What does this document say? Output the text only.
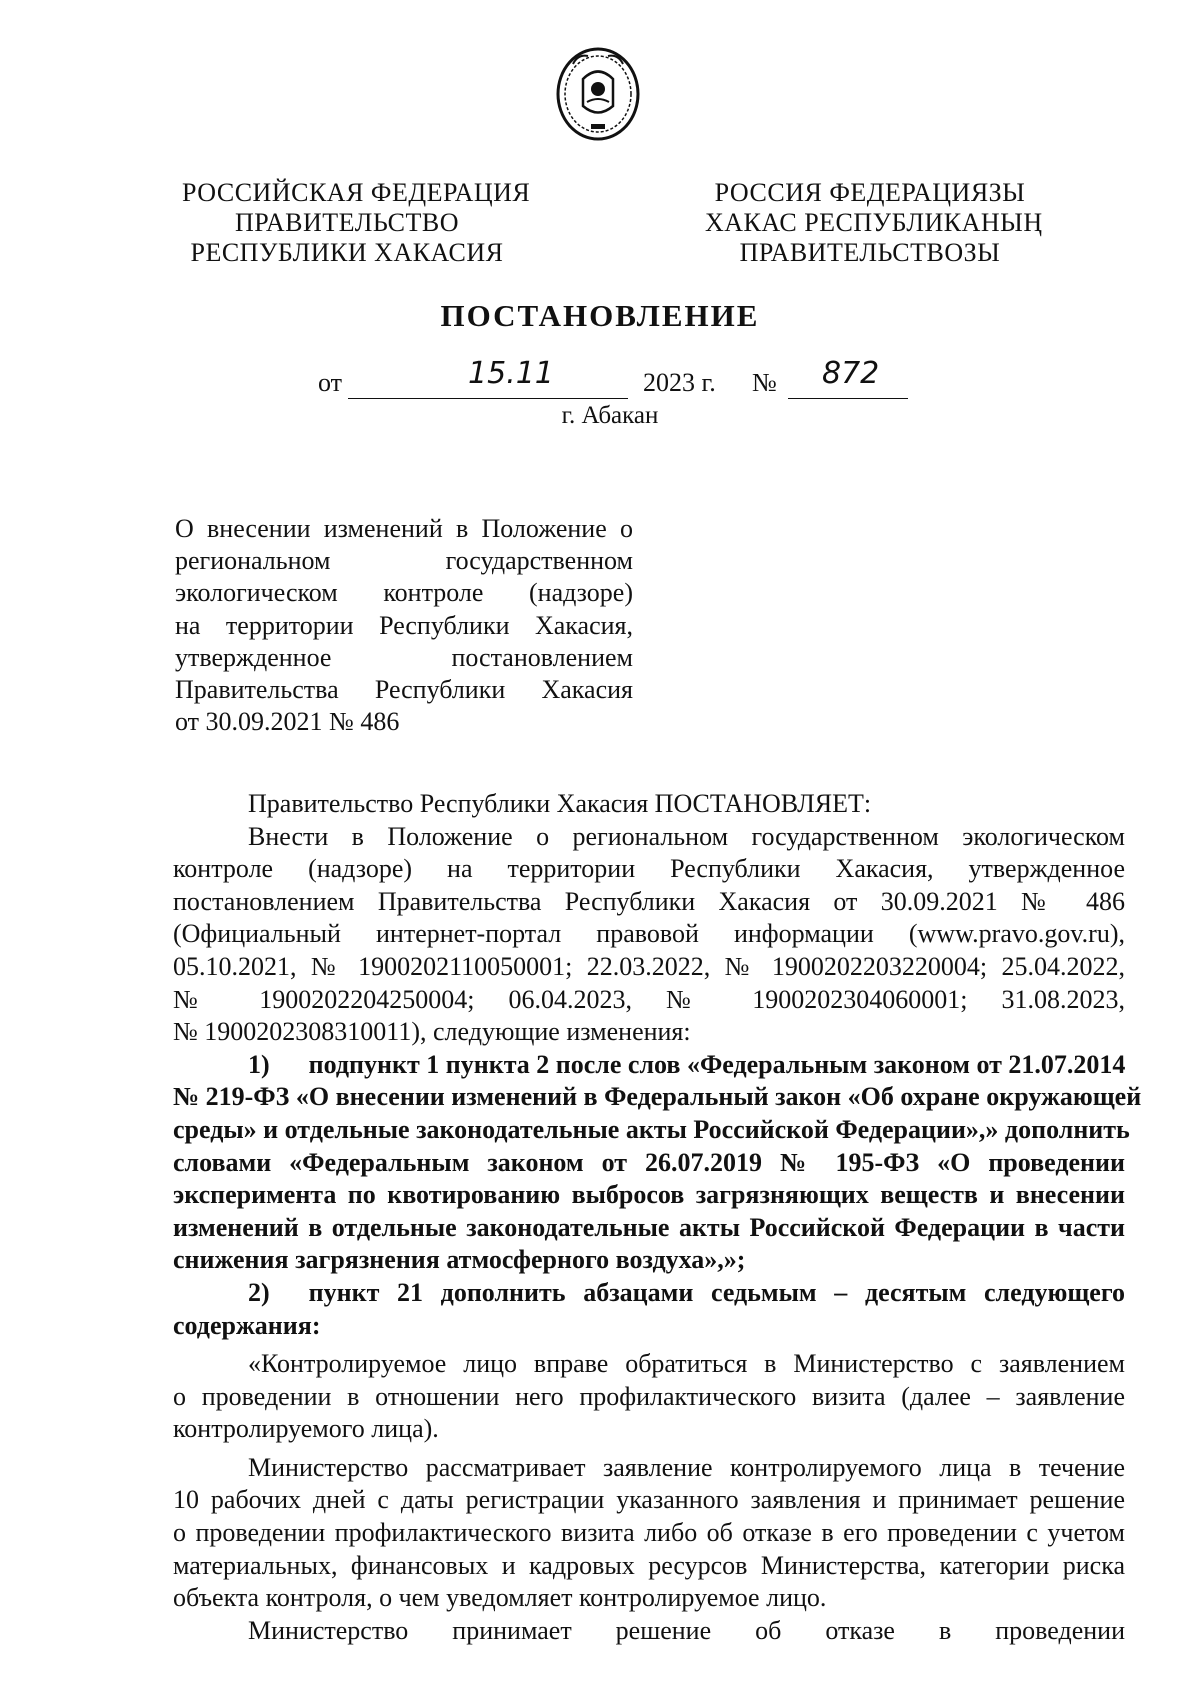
РОССИЙСКАЯ ФЕДЕРАЦИЯ
ПРАВИТЕЛЬСТВО
РЕСПУБЛИКИ ХАКАСИЯ
РОССИЯ ФЕДЕРАЦИЯЗЫ
ХАКАС РЕСПУБЛИКАНЫҢ
ПРАВИТЕЛЬСТВОЗЫ
ПОСТАНОВЛЕНИЕ
от	2023 г. №
15.11	872
г. Абакан
О внесении изменений в Положение о
региональном государственном
экологическом контроле (надзоре)
на территории Республики Хакасия,
утвержденное постановлением
Правительства Республики Хакасия
от 30.09.2021 № 486
Правительство Республики Хакасия ПОСТАНОВЛЯЕТ:
Внести в Положение о региональном государственном экологическом
контроле (надзоре) на территории Республики Хакасия, утвержденное
постановлением Правительства Республики Хакасия от 30.09.2021 № 486
(Официальный интернет-портал правовой информации (www.pravo.gov.ru),
05.10.2021, № 1900202110050001; 22.03.2022, № 1900202203220004; 25.04.2022,
№ 1900202204250004; 06.04.2023, № 1900202304060001; 31.08.2023,
№ 1900202308310011), следующие изменения:
1)  подпункт 1 пункта 2 после слов «Федеральным законом от 21.07.2014
№ 219-ФЗ «О внесении изменений в Федеральный закон «Об охране окружающей
среды» и отдельные законодательные акты Российской Федерации»,» дополнить
словами «Федеральным законом от 26.07.2019 № 195-ФЗ «О проведении
эксперимента по квотированию выбросов загрязняющих веществ и внесении
изменений в отдельные законодательные акты Российской Федерации в части
снижения загрязнения атмосферного воздуха»,»;
2)  пункт 21 дополнить абзацами седьмым – десятым следующего
содержания:
«Контролируемое лицо вправе обратиться в Министерство с заявлением
о проведении в отношении него профилактического визита (далее – заявление
контролируемого лица).
Министерство рассматривает заявление контролируемого лица в течение
10 рабочих дней с даты регистрации указанного заявления и принимает решение
о проведении профилактического визита либо об отказе в его проведении с учетом
материальных, финансовых и кадровых ресурсов Министерства, категории риска
объекта контроля, о чем уведомляет контролируемое лицо.
Министерство принимает решение об отказе в проведении
